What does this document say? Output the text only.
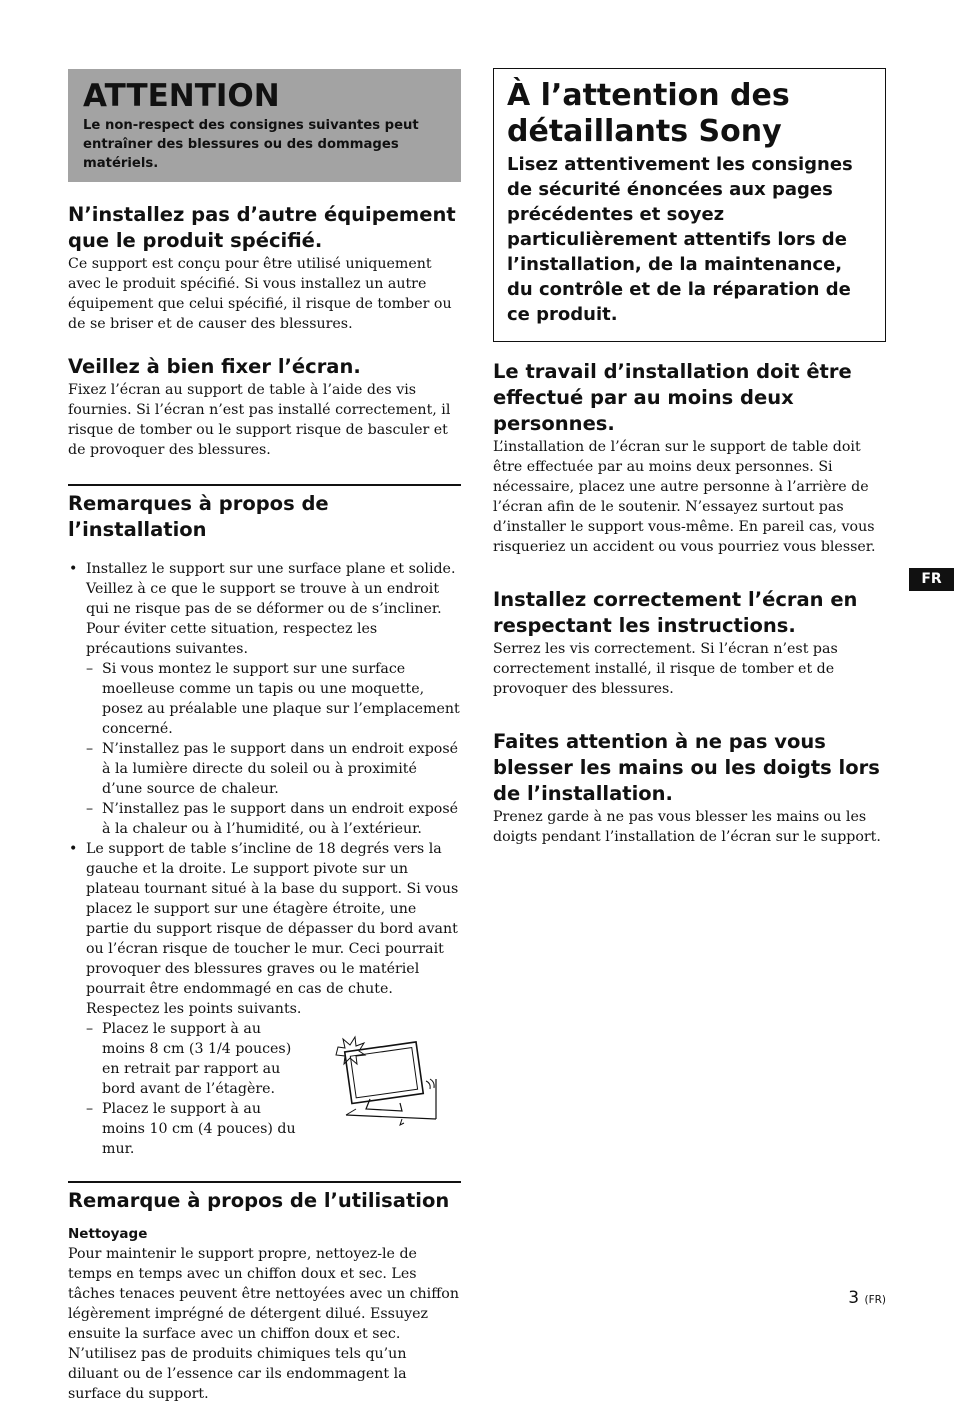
ATTENTION

Le non-respect des consignes suivantes peut entraîner des blessures ou des dommages matériels.

N’installez pas d’autre équipement que le produit spécifié.

Ce support est conçu pour être utilisé uniquement avec le produit spécifié. Si vous installez un autre équipement que celui spécifié, il risque de tomber ou de se briser et de causer des blessures.

Veillez à bien fixer l’écran.

Fixez l’écran au support de table à l’aide des vis fournies. Si l’écran n’est pas installé correctement, il risque de tomber ou le support risque de basculer et de provoquer des blessures.

Remarques à propos de l’installation
• Installez le support sur une surface plane et solide. Veillez à ce que le support se trouve à un endroit qui ne risque pas de se déformer ou de s’incliner. Pour éviter cette situation, respectez les précautions suivantes.
– Si vous montez le support sur une surface moelleuse comme un tapis ou une moquette, posez au préalable une plaque sur l’emplacement concerné.
– N’installez pas le support dans un endroit exposé à la lumière directe du soleil ou à proximité d’une source de chaleur.
– N’installez pas le support dans un endroit exposé à la chaleur ou à l’humidité, ou à l’extérieur.
• Le support de table s’incline de 18 degrés vers la gauche et la droite. Le support pivote sur un plateau tournant situé à la base du support. Si vous placez le support sur une étagère étroite, une partie du support risque de dépasser du bord avant ou l’écran risque de toucher le mur. Ceci pourrait provoquer des blessures graves ou le matériel pourrait être endommagé en cas de chute. Respectez les points suivants.
– Placez le support à au moins 8 cm (3 1/4 pouces) en retrait par rapport au bord avant de l’étagère.
– Placez le support à au moins 10 cm (4 pouces) du mur.
Remarque à propos de l’utilisation
Nettoyage

Pour maintenir le support propre, nettoyez-le de temps en temps avec un chiffon doux et sec. Les tâches tenaces peuvent être nettoyées avec un chiffon légèrement imprégné de détergent dilué. Essuyez ensuite la surface avec un chiffon doux et sec. N’utilisez pas de produits chimiques tels qu’un diluant ou de l’essence car ils endommagent la surface du support.

À l’attention des détaillants Sony

Lisez attentivement les consignes de sécurité énoncées aux pages précédentes et soyez particulièrement attentifs lors de l’installation, de la maintenance, du contrôle et de la réparation de ce produit.

Le travail d’installation doit être effectué par au moins deux personnes.

L’installation de l’écran sur le support de table doit être effectuée par au moins deux personnes. Si nécessaire, placez une autre personne à l’arrière de l’écran afin de le soutenir. N’essayez surtout pas d’installer le support vous-même. En pareil cas, vous risqueriez un accident ou vous pourriez vous blesser.

Installez correctement l’écran en respectant les instructions.

Serrez les vis correctement. Si l’écran n’est pas correctement installé, il risque de tomber et de provoquer des blessures.

Faites attention à ne pas vous blesser les mains ou les doigts lors de l’installation.

Prenez garde à ne pas vous blesser les mains ou les doigts pendant l’installation de l’écran sur le support.

FR
3 (FR)
